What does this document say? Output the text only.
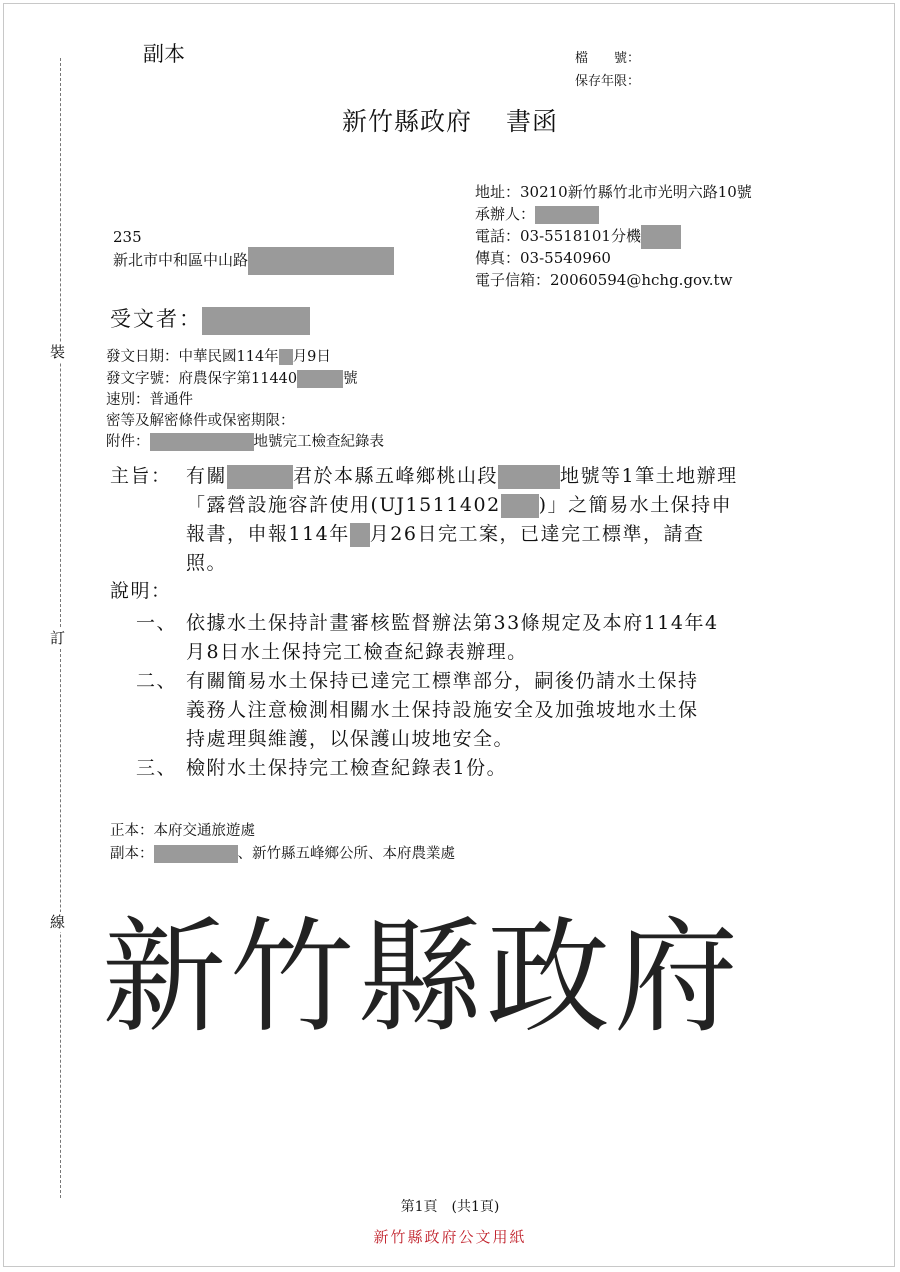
裝
訂
線
副本	檔　　號：
保存年限：
新竹縣政府 書函
地址：30210新竹縣竹北市光明六路10號
承辦人：
電話：03-5518101分機
傳真：03-5540960
電子信箱：20060594@hchg.gov.tw
235
新北市中和區中山路
受文者：
發文日期：中華民國114年 月9日
發文字號：府農保字第11440	號
速別：普通件
密等及解密條件或保密期限：
附件：	地號完工檢查紀錄表
主旨： 有關	君於本縣五峰鄉桃山段	地號等1筆土地辦理
「露營設施容許使用(UJ1511402 )」之簡易水土保持申
報書，申報114年 月26日完工案，已達完工標準，請查
照。
說明：
一、 依據水土保持計畫審核監督辦法第33條規定及本府114年4
月8日水土保持完工檢查紀錄表辦理。
二、 有關簡易水土保持已達完工標準部分，嗣後仍請水土保持
義務人注意檢測相關水土保持設施安全及加強坡地水土保
持處理與維護，以保護山坡地安全。
三、 檢附水土保持完工檢查紀錄表1份。
正本：本府交通旅遊處
副本：	、新竹縣五峰鄉公所、本府農業處
新竹縣政府
第1頁　(共1頁)
新竹縣政府公文用紙
